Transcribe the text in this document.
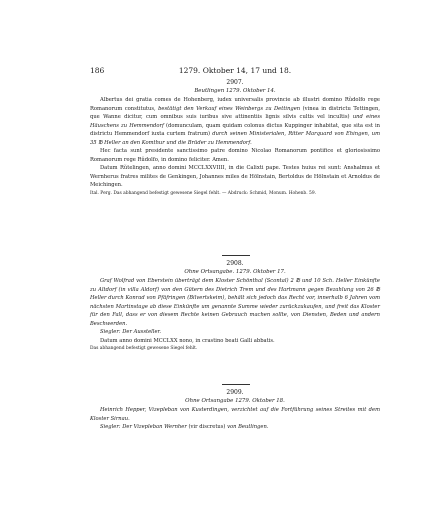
186	1279. Oktober 14, 17 und 18.
2907.
Beutlingen 1279. Oktober 14.

Albertus dei gratia comes de Hohenberg, iudex universalis provincie ab illustri domino Rŭdolfo rege Romanorum constitutus, bestätigt den Verkauf eines Weinbergs zu Dettingen (vinea in districtu Tettingen, que Wanne dicitur, cum omnibus suis iuribus sive attinentiis lignis silvis cultis vel incultis) und eines Häuschens zu Hemmendorf (domunculam, quam quidam colonus dictus Kuppinger inhabitat, que sita est in districtu Hemmendorf iuxta curtem fratrum) durch seinen Ministerialen, Ritter Marquard von Ehingen, um 35 ℔ Heller an den Komthur und die Brüder zu Hemmendorf.

Hec facta sunt presidente sanctissimo patre domino Nicolao Romanorum pontifice et gloriosissimo Romanorum rege Rŭdolfo, in domino feliciter. Amen.

Datum Rŭtelingen, anno domini MCCLXXVIIII, in die Calixti pape. Testes huius rei sunt: Anshalmus et Wernherus fratres milites de Genkingen, Johannes miles de Hölnstain, Bertoldus de Hölnstain et Arnoldus de Meichingen.

Ital. Perg. Das abhangend befestigt gewesene Siegel fehlt. — Abdruck: Schmid, Monum. Hohenb. 59.

2908.
Ohne Ortsangabe. 1279. Oktober 17.

Graf Wolfrad von Eberstein überträgt dem Kloster Schönthal (Scontal) 2 ℔ und 10 Sch. Heller Einkünfte zu Altdorf (in villa Aldorf) von den Gütern des Dietrich Trem und des Hartmann gegen Bezahlung von 26 ℔ Heller durch Konrad von Pfäfringen (Bilvertskeim), behält sich jedoch das Recht vor, innerhalb 6 Jahren vom nächsten Martinstage ab diese Einkünfte um genannte Summe wieder zurückzukaufen, und freit das Kloster für den Fall, dass er von diesem Rechte keinen Gebrauch machen sollte, von Diensten, Beden und andern Beschwerden.

Siegler: Der Aussteller.

Datum anno domini MCCLXX nono, in crastino beati Galli abbatis.

Das abhangend befestigt gewesene Siegel fehlt.

2909.
Ohne Ortsangabe 1279. Oktober 18.

Heinrich Hepper, Vizepleban von Kusterdingen, verzichtet auf die Fortführung seines Streites mit dem Kloster Sirnau.

Siegler: Der Vizepleban Wernher (vir discretus) von Beutlingen.
